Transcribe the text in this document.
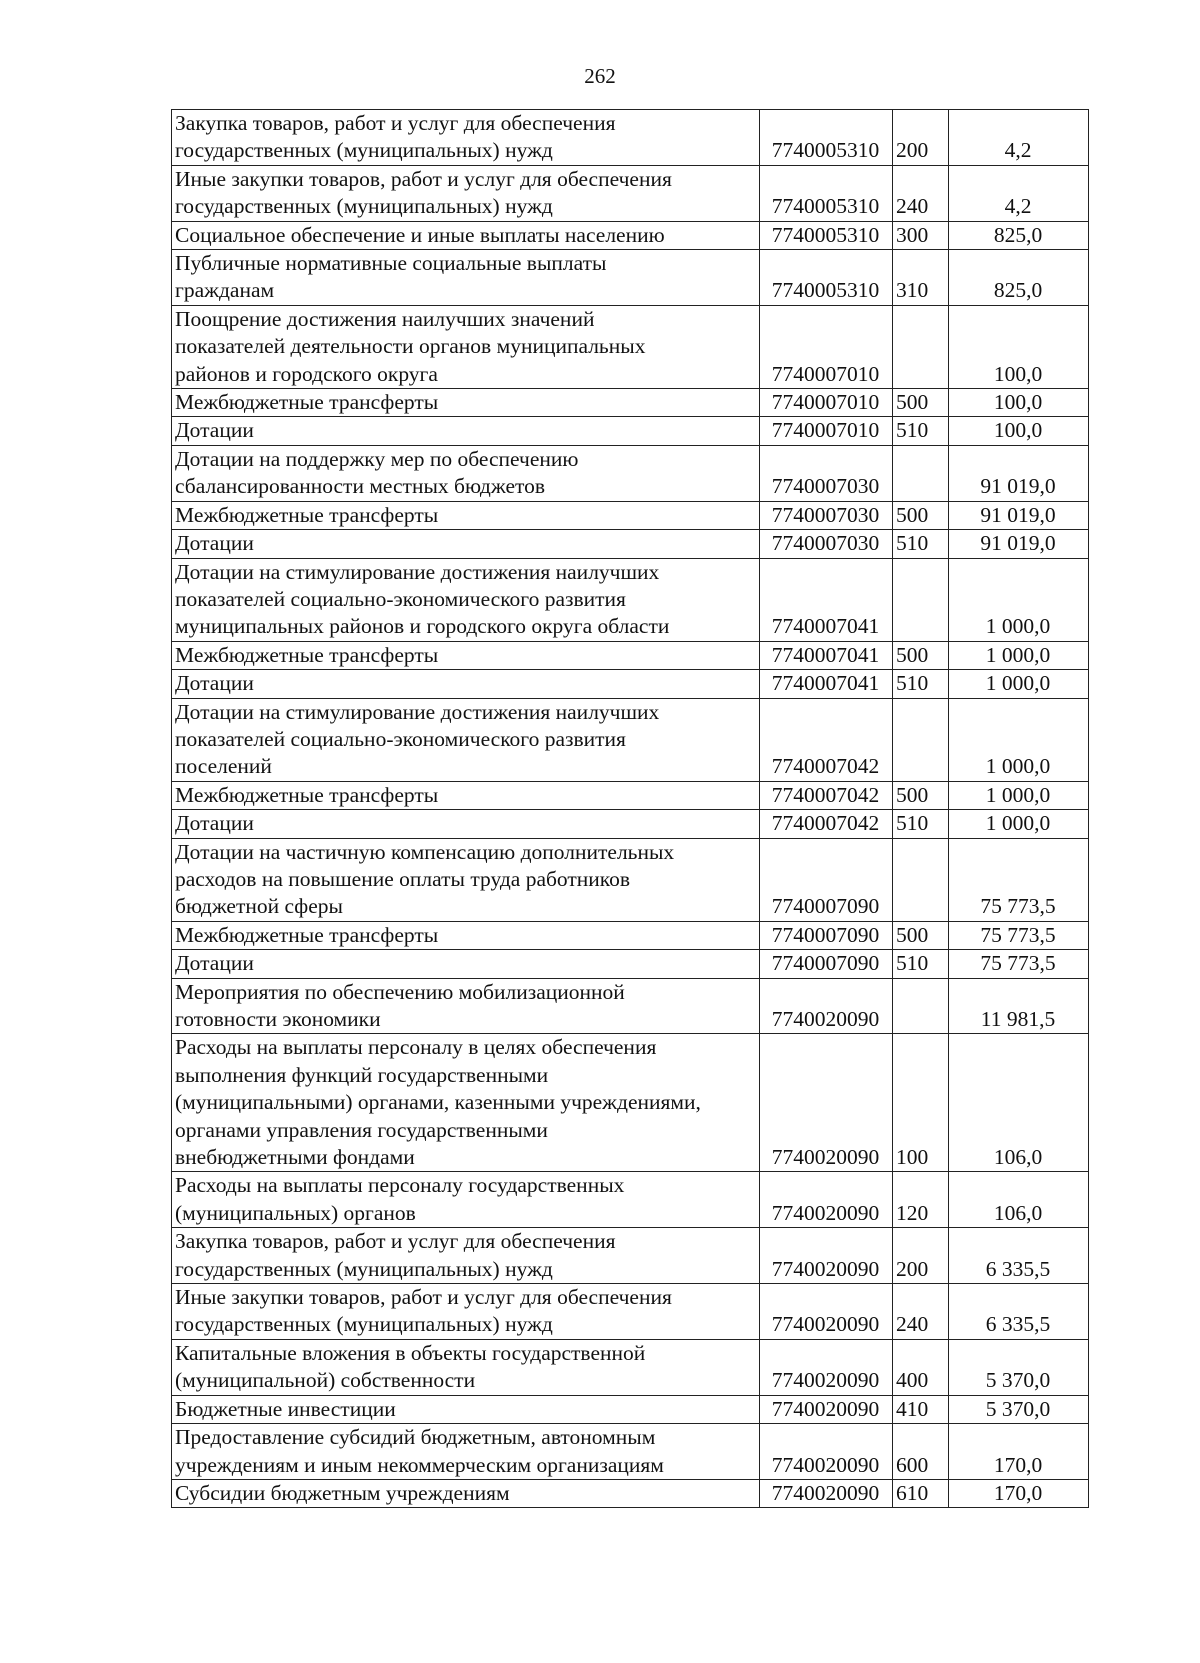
262
Закупка товаров, работ и услуг для обеспечения
государственных (муниципальных) нужд	7740005310	200	4,2

Иные закупки товаров, работ и услуг для обеспечения
государственных (муниципальных) нужд	7740005310	240	4,2

Социальное обеспечение и иные выплаты населению	7740005310	300	825,0

Публичные нормативные социальные выплаты
гражданам	7740005310	310	825,0

Поощрение достижения наилучших значений
показателей деятельности органов муниципальных
районов и городского округа	7740007010		100,0

Межбюджетные трансферты	7740007010	500	100,0

Дотации	7740007010	510	100,0

Дотации на поддержку мер по обеспечению
сбалансированности местных бюджетов	7740007030		91 019,0

Межбюджетные трансферты	7740007030	500	91 019,0

Дотации	7740007030	510	91 019,0

Дотации на стимулирование достижения наилучших
показателей социально-экономического развития
муниципальных районов и городского округа области	7740007041		1 000,0

Межбюджетные трансферты	7740007041	500	1 000,0

Дотации	7740007041	510	1 000,0

Дотации на стимулирование достижения наилучших
показателей социально-экономического развития
поселений	7740007042		1 000,0

Межбюджетные трансферты	7740007042	500	1 000,0

Дотации	7740007042	510	1 000,0

Дотации на частичную компенсацию дополнительных
расходов на повышение оплаты труда работников
бюджетной сферы	7740007090		75 773,5

Межбюджетные трансферты	7740007090	500	75 773,5

Дотации	7740007090	510	75 773,5

Мероприятия по обеспечению мобилизационной
готовности экономики	7740020090		11 981,5

Расходы на выплаты персоналу в целях обеспечения
выполнения функций государственными
(муниципальными) органами, казенными учреждениями,
органами управления государственными
внебюджетными фондами	7740020090	100	106,0

Расходы на выплаты персоналу государственных
(муниципальных) органов	7740020090	120	106,0

Закупка товаров, работ и услуг для обеспечения
государственных (муниципальных) нужд	7740020090	200	6 335,5

Иные закупки товаров, работ и услуг для обеспечения
государственных (муниципальных) нужд	7740020090	240	6 335,5

Капитальные вложения в объекты государственной
(муниципальной) собственности	7740020090	400	5 370,0

Бюджетные инвестиции	7740020090	410	5 370,0

Предоставление субсидий бюджетным, автономным
учреждениям и иным некоммерческим организациям	7740020090	600	170,0

Субсидии бюджетным учреждениям	7740020090	610	170,0
